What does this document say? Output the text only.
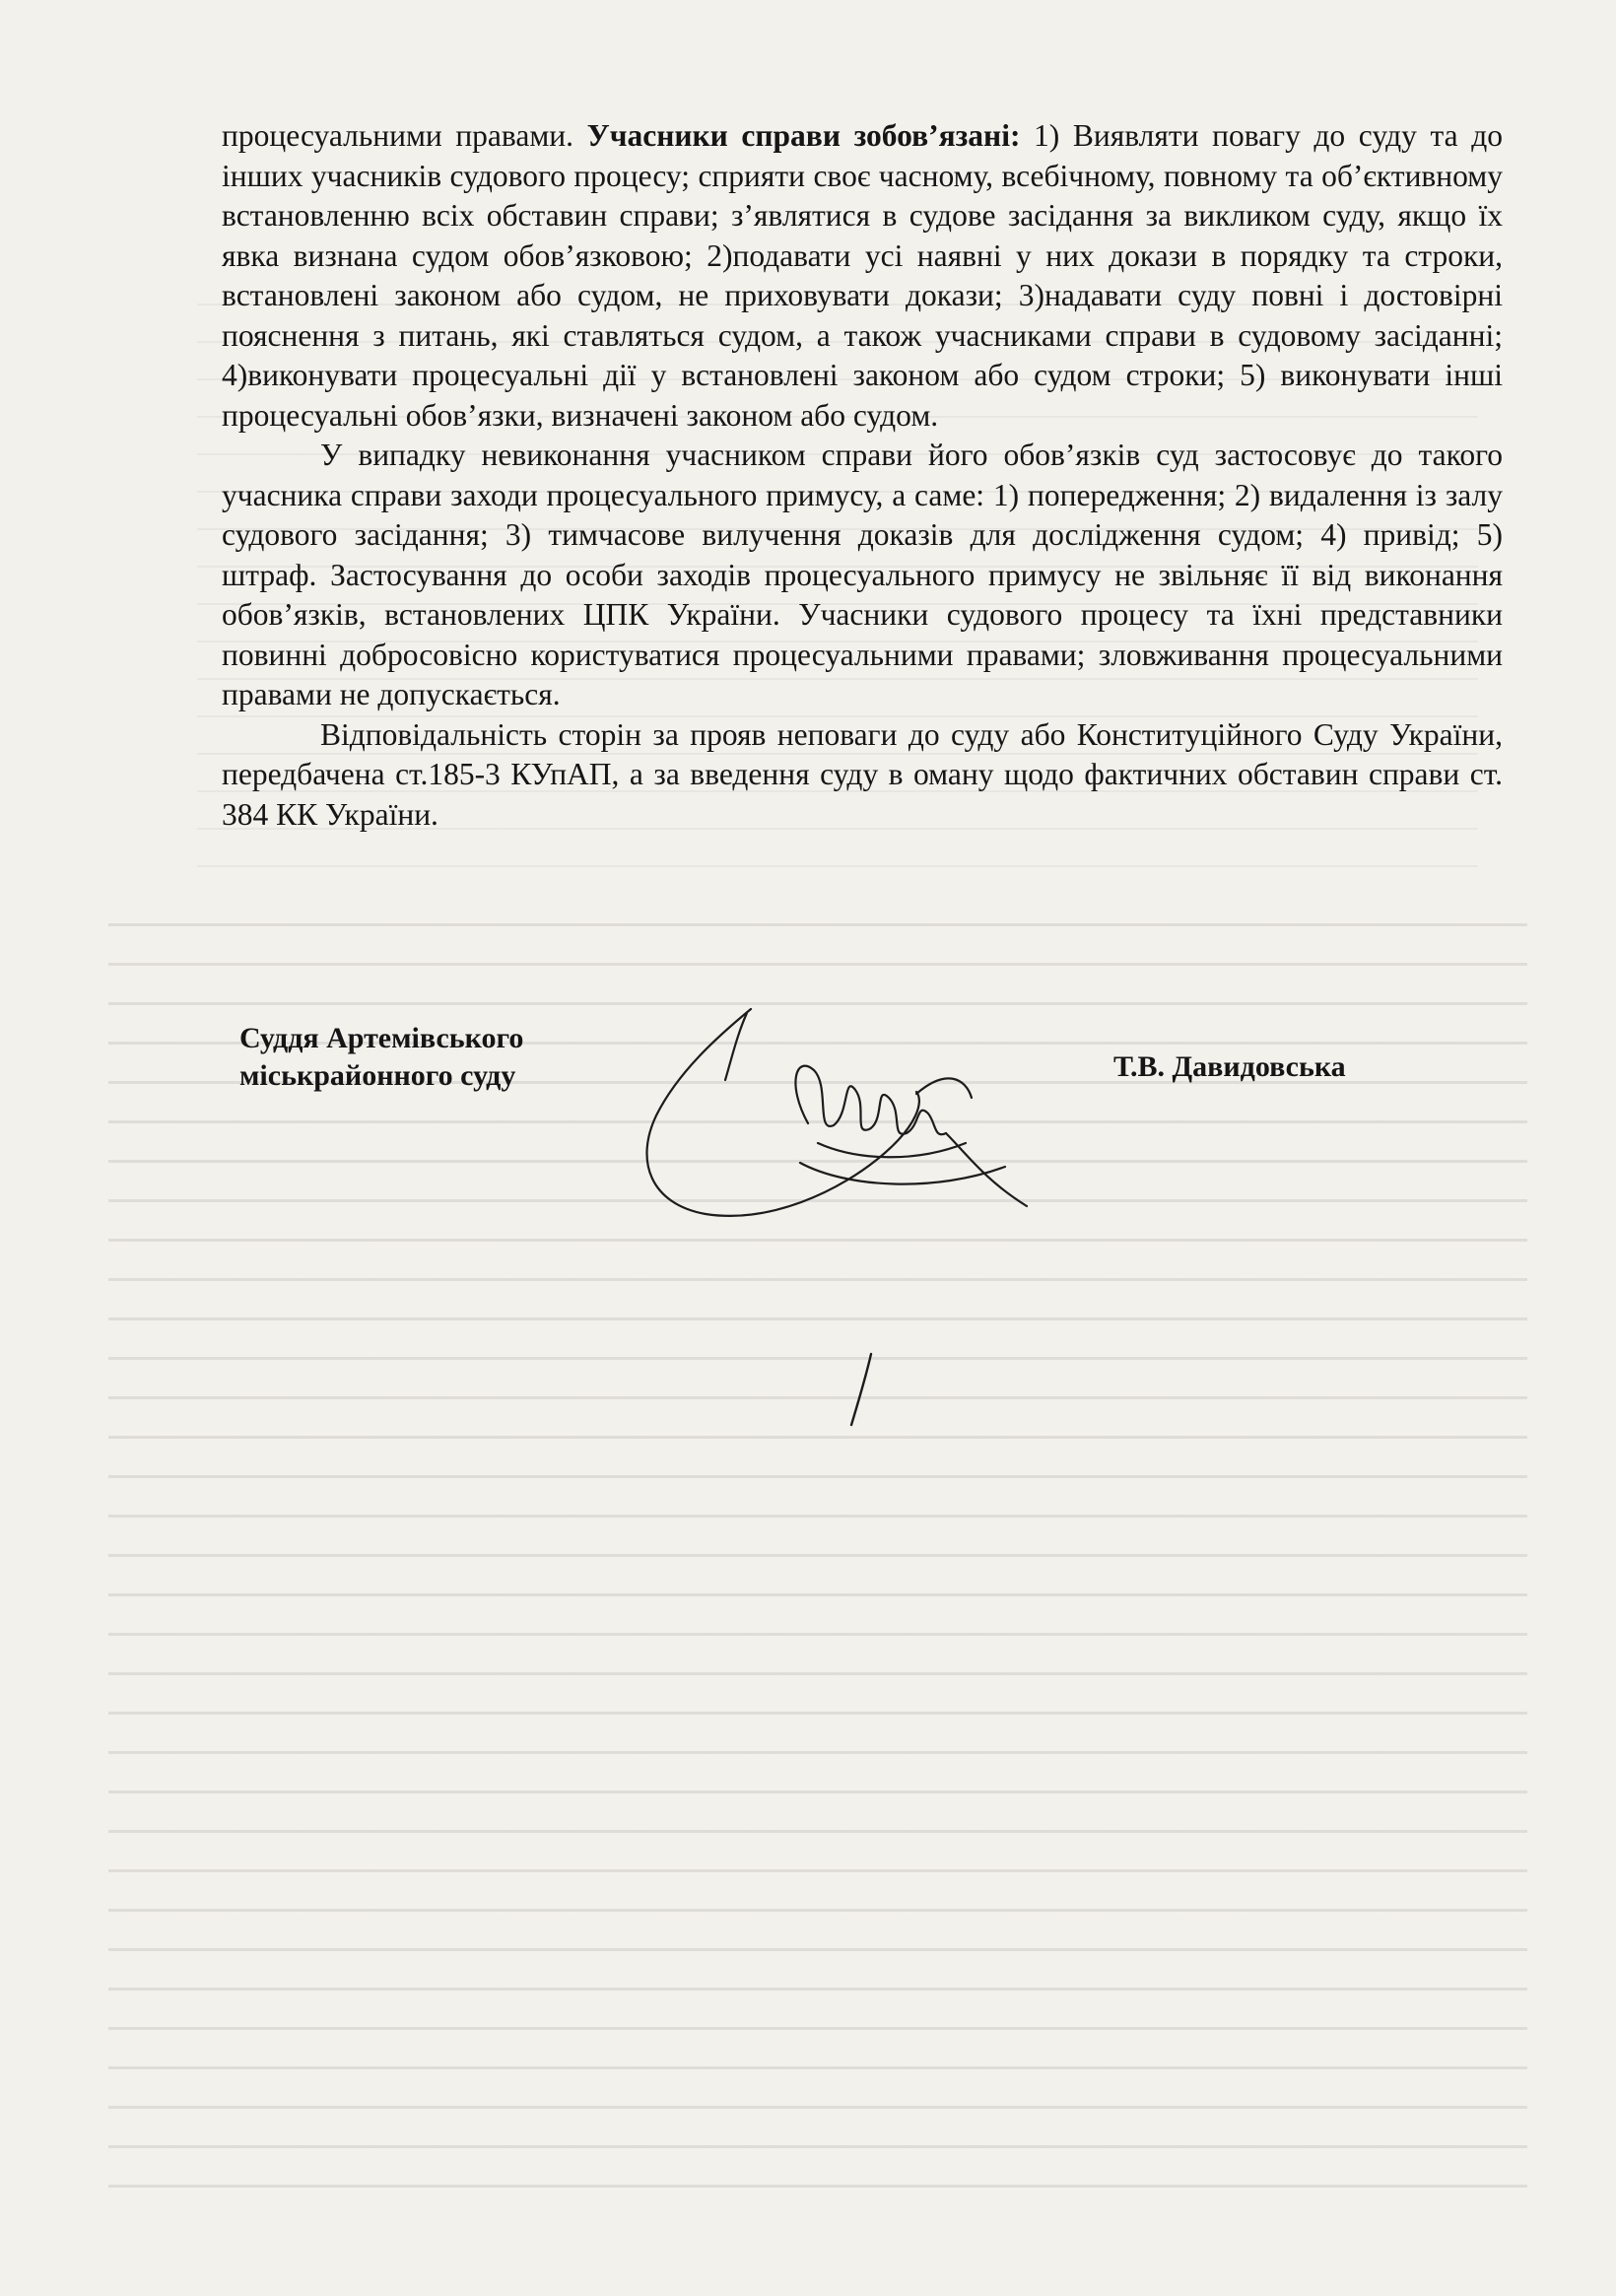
процесуальними правами. Учасники справи зобов’язані: 1) Виявляти повагу до суду та до інших учасників судового процесу; сприяти своє часному, всебічному, повному та об’єктивному встановленню всіх обставин справи; з’являтися в судове засідання за викликом суду, якщо їх явка визнана судом обов’язковою; 2)подавати усі наявні у них докази в порядку та строки, встановлені законом або судом, не приховувати докази; 3)надавати суду повні і достовірні пояснення з питань, які ставляться судом, а також учасниками справи в судовому засіданні; 4)виконувати процесуальні дії у встановлені законом або судом строки; 5) виконувати інші процесуальні обов’язки, визначені законом або судом.

У випадку невиконання учасником справи його обов’язків суд застосовує до такого учасника справи заходи процесуального примусу, а саме: 1) попередження; 2) видалення із залу судового засідання; 3) тимчасове вилучення доказів для дослідження судом; 4) привід; 5) штраф. Застосування до особи заходів процесуального примусу не звільняє її від виконання обов’язків, встановлених ЦПК України. Учасники судового процесу та їхні представники повинні добросовісно користуватися процесуальними правами; зловживання процесуальними правами не допускається.

Відповідальність сторін за прояв неповаги до суду або Конституційного Суду України, передбачена ст.185-3 КУпАП, а за введення суду в оману щодо фактичних обставин справи ст. 384 КК України.

Суддя Артемівського
міськрайонного суду	Т.В. Давидовська
